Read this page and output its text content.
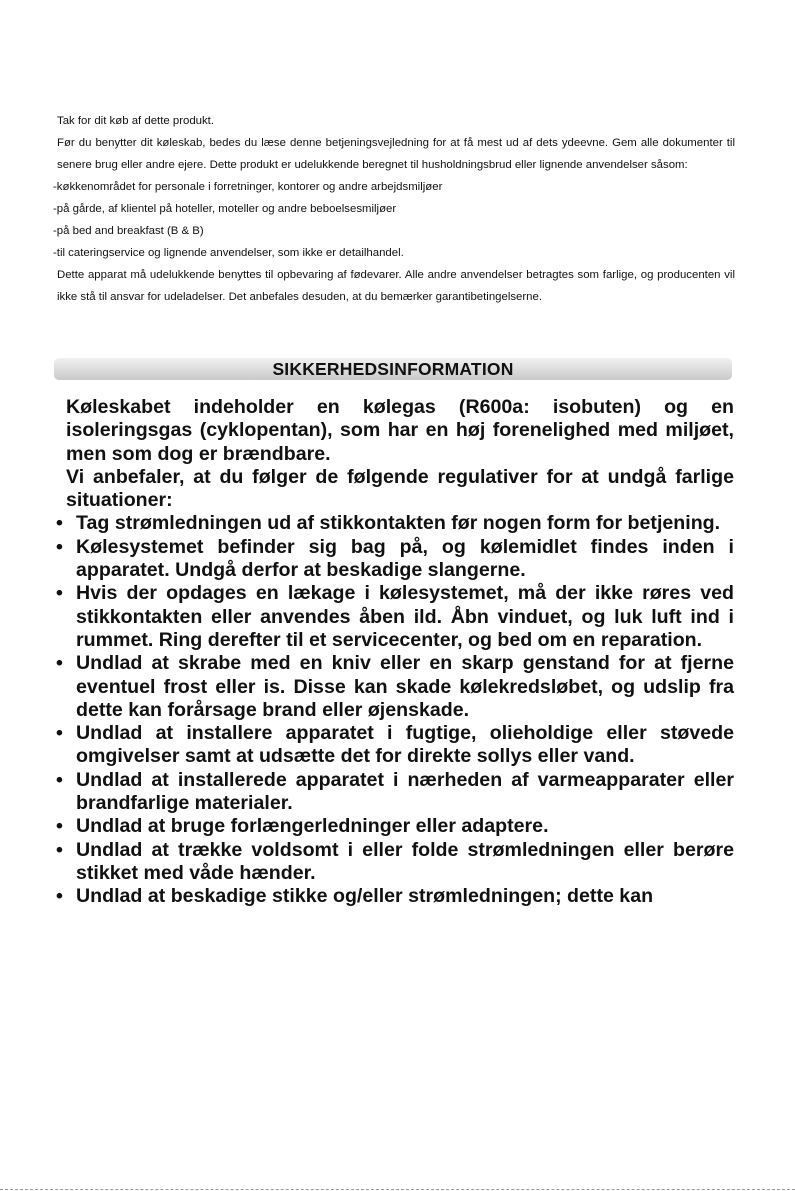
Tak for dit køb af dette produkt.

Før du benytter dit køleskab, bedes du læse denne betjeningsvejledning for at få mest ud af dets ydeevne. Gem alle dokumenter til senere brug eller andre ejere. Dette produkt er udelukkende beregnet til husholdningsbrud eller lignende anvendelser såsom:

-køkkenområdet for personale i forretninger, kontorer og andre arbejdsmiljøer

-på gårde, af klientel på hoteller, moteller og andre beboelsesmiljøer

-på bed and breakfast (B & B)

-til cateringservice og lignende anvendelser, som ikke er detailhandel.

Dette apparat må udelukkende benyttes til opbevaring af fødevarer. Alle andre anvendelser betragtes som farlige, og producenten vil ikke stå til ansvar for udeladelser. Det anbefales desuden, at du bemærker garantibetingelserne.

SIKKERHEDSINFORMATION

Køleskabet indeholder en kølegas (R600a: isobuten) og en isoleringsgas (cyklopentan), som har en høj forenelighed med miljøet, men som dog er brændbare.

Vi anbefaler, at du følger de følgende regulativer for at undgå farlige situationer:

• Tag strømledningen ud af stikkontakten før nogen form for betjening.
• Kølesystemet befinder sig bag på, og kølemidlet findes inden i apparatet. Undgå derfor at beskadige slangerne.
• Hvis der opdages en lækage i kølesystemet, må der ikke røres ved stikkontakten eller anvendes åben ild. Åbn vinduet, og luk luft ind i rummet. Ring derefter til et servicecenter, og bed om en reparation.
• Undlad at skrabe med en kniv eller en skarp genstand for at fjerne eventuel frost eller is. Disse kan skade kølekredsløbet, og udslip fra dette kan forårsage brand eller øjenskade.
• Undlad at installere apparatet i fugtige, olieholdige eller støvede omgivelser samt at udsætte det for direkte sollys eller vand.
• Undlad at installerede apparatet i nærheden af varmeapparater eller brandfarlige materialer.
• Undlad at bruge forlængerledninger eller adaptere.
• Undlad at trække voldsomt i eller folde strømledningen eller berøre stikket med våde hænder.
• Undlad at beskadige stikke og/eller strømledningen; dette kan
